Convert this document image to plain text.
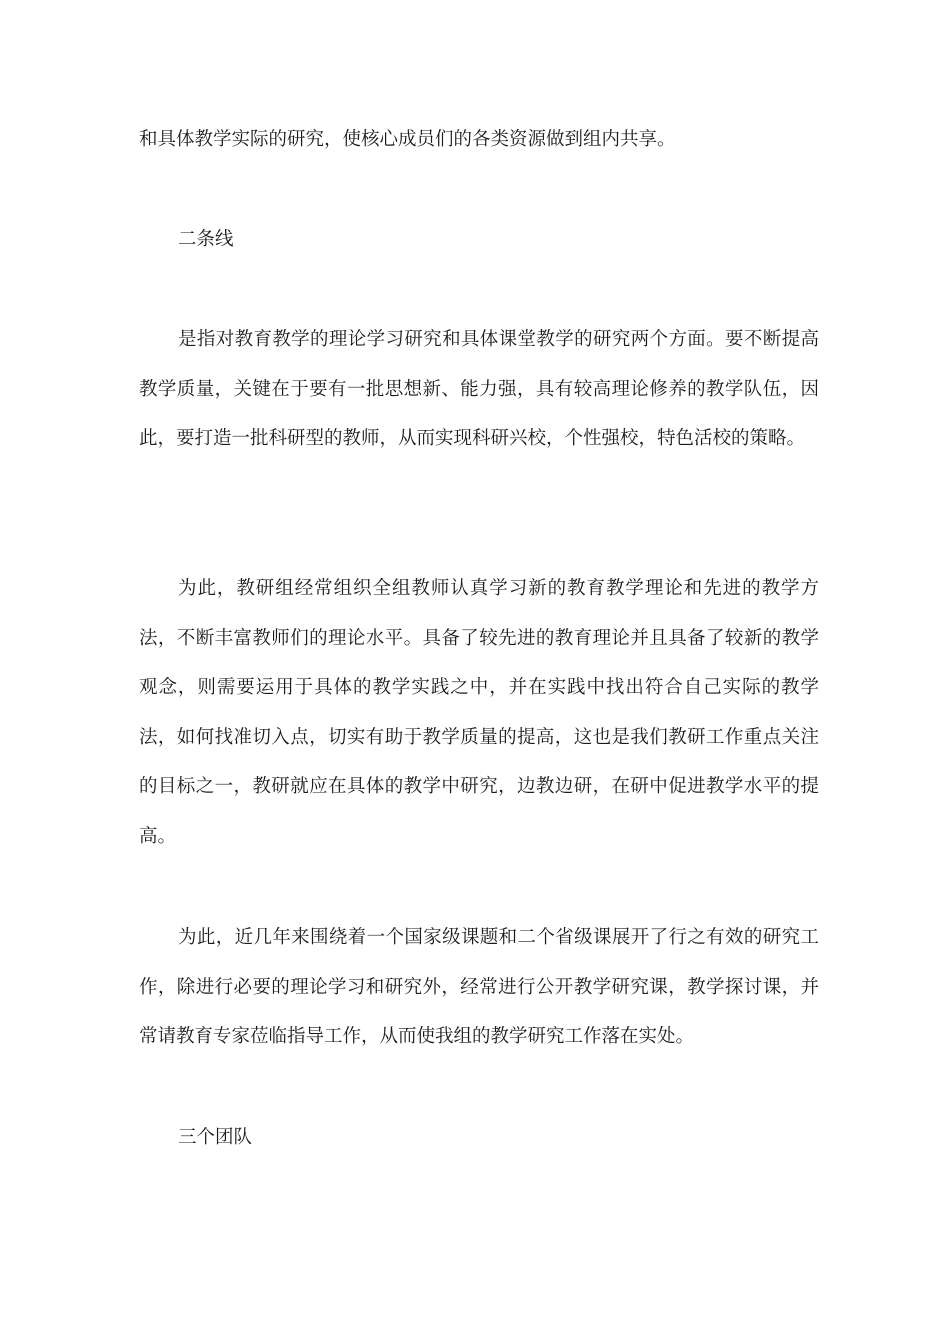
和具体教学实际的研究，使核心成员们的各类资源做到组内共享。

二条线

是指对教育教学的理论学习研究和具体课堂教学的研究两个方面。要不断提高教学质量，关键在于要有一批思想新、能力强，具有较高理论修养的教学队伍，因此，要打造一批科研型的教师，从而实现科研兴校，个性强校，特色活校的策略。

为此，教研组经常组织全组教师认真学习新的教育教学理论和先进的教学方法，不断丰富教师们的理论水平。具备了较先进的教育理论并且具备了较新的教学观念，则需要运用于具体的教学实践之中，并在实践中找出符合自己实际的教学法，如何找准切入点，切实有助于教学质量的提高，这也是我们教研工作重点关注的目标之一，教研就应在具体的教学中研究，边教边研，在研中促进教学水平的提高。

为此，近几年来围绕着一个国家级课题和二个省级课展开了行之有效的研究工作，除进行必要的理论学习和研究外，经常进行公开教学研究课，教学探讨课，并常请教育专家莅临指导工作，从而使我组的教学研究工作落在实处。

三个团队
